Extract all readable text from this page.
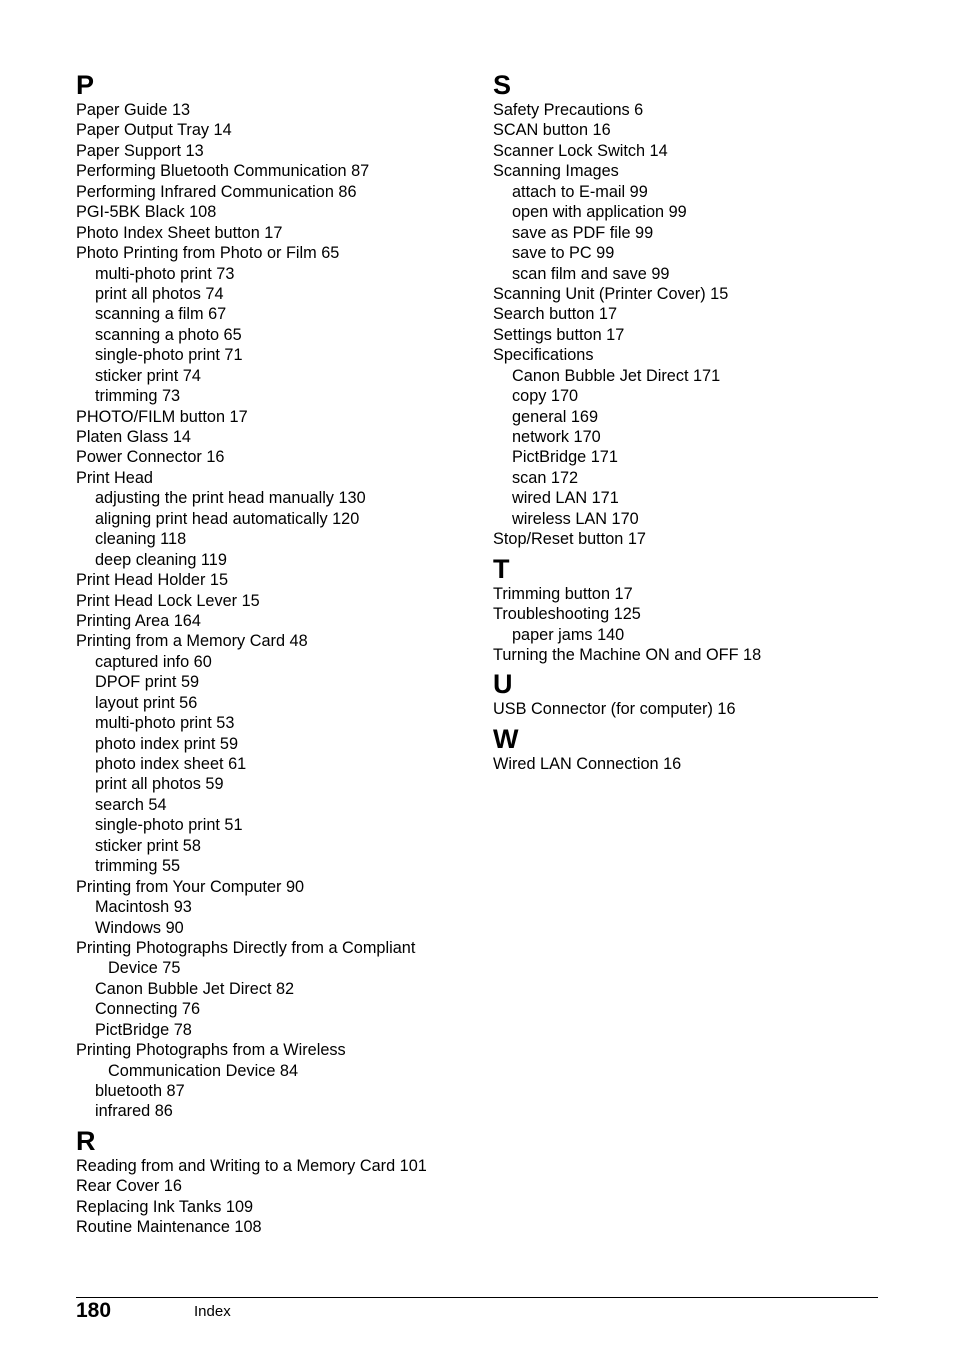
P
Paper Guide 13
Paper Output Tray 14
Paper Support 13
Performing Bluetooth Communication 87
Performing Infrared Communication 86
PGI-5BK Black 108
Photo Index Sheet button 17
Photo Printing from Photo or Film 65
multi-photo print 73
print all photos 74
scanning a film 67
scanning a photo 65
single-photo print 71
sticker print 74
trimming 73
PHOTO/FILM button 17
Platen Glass 14
Power Connector 16
Print Head
adjusting the print head manually 130
aligning print head automatically 120
cleaning 118
deep cleaning 119
Print Head Holder 15
Print Head Lock Lever 15
Printing Area 164
Printing from a Memory Card 48
captured info 60
DPOF print 59
layout print 56
multi-photo print 53
photo index print 59
photo index sheet 61
print all photos 59
search 54
single-photo print 51
sticker print 58
trimming 55
Printing from Your Computer 90
Macintosh 93
Windows 90
Printing Photographs Directly from a Compliant
Device 75
Canon Bubble Jet Direct 82
Connecting 76
PictBridge 78
Printing Photographs from a Wireless
Communication Device 84
bluetooth 87
infrared 86
R
Reading from and Writing to a Memory Card 101
Rear Cover 16
Replacing Ink Tanks 109
Routine Maintenance 108
S
Safety Precautions 6
SCAN button 16
Scanner Lock Switch 14
Scanning Images
attach to E-mail 99
open with application 99
save as PDF file 99
save to PC 99
scan film and save 99
Scanning Unit (Printer Cover) 15
Search button 17
Settings button 17
Specifications
Canon Bubble Jet Direct 171
copy 170
general 169
network 170
PictBridge 171
scan 172
wired LAN 171
wireless LAN 170
Stop/Reset button 17
T
Trimming button 17
Troubleshooting 125
paper jams 140
Turning the Machine ON and OFF 18
U
USB Connector (for computer) 16
W
Wired LAN Connection 16
180	Index
